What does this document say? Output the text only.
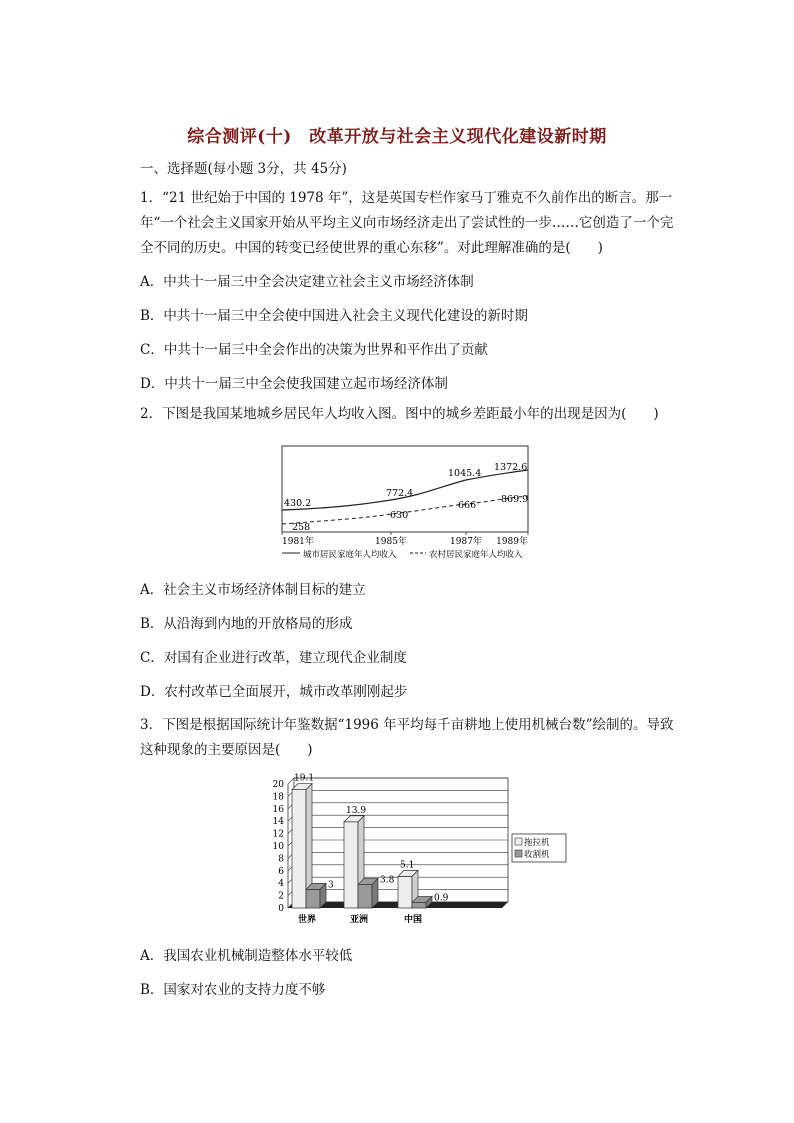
综合测评(十)　改革开放与社会主义现代化建设新时期
一、选择题(每小题 3分，共 45分)
1．“21 世纪始于中国的 1978 年”，这是英国专栏作家马丁雅克不久前作出的断言。那一年“一个社会主义国家开始从平均主义向市场经济走出了尝试性的一步……它创造了一个完全不同的历史。中国的转变已经使世界的重心东移”。对此理解准确的是(　　)
A．中共十一届三中全会决定建立社会主义市场经济体制
B．中共十一届三中全会使中国进入社会主义现代化建设的新时期
C．中共十一届三中全会作出的决策为世界和平作出了贡献
D．中共十一届三中全会使我国建立起市场经济体制
2．下图是我国某地城乡居民年人均收入图。图中的城乡差距最小年的出现是因为(　　)
430.2
772.4
1045.4
1372.6
258
630
666
869.9
1981年	1985年	1987年 1989年
城市居民家庭年人均收入	农村居民家庭年人均收入
A．社会主义市场经济体制目标的建立
B．从沿海到内地的开放格局的形成
C．对国有企业进行改革，建立现代企业制度
D．农村改革已全面展开，城市改革刚刚起步
3．下图是根据国际统计年鉴数据“1996 年平均每千亩耕地上使用机械台数”绘制的。导致这种现象的主要原因是(　　)
19.1
3
13.9
3.8
5.1
0.9
0
2
4
6
8
10
12
14
16
18
20
世界	亚洲	中国
拖拉机
收割机
A．我国农业机械制造整体水平较低
B．国家对农业的支持力度不够
